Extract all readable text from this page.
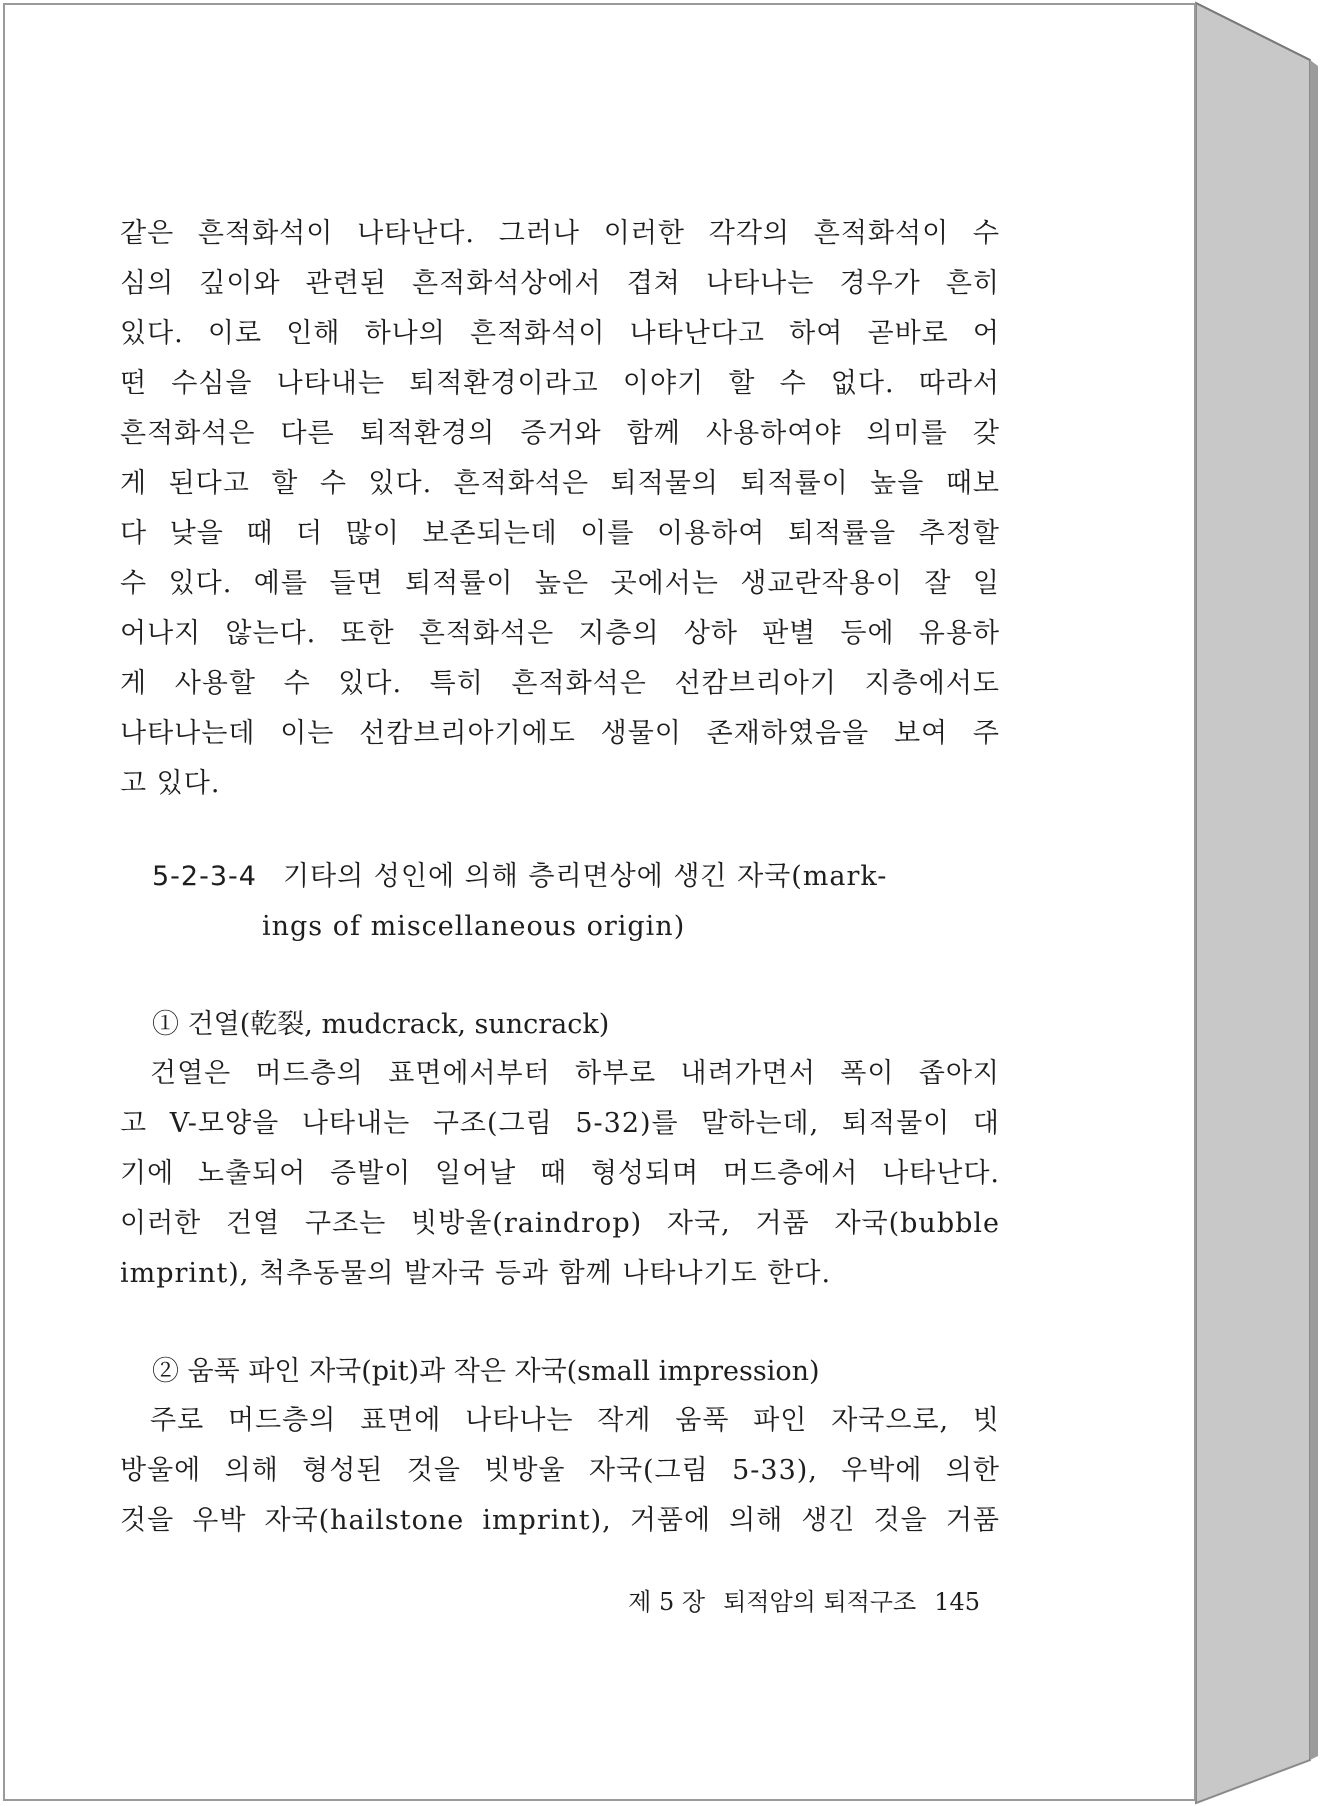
같은 흔적화석이 나타난다. 그러나 이러한 각각의 흔적화석이 수

심의 깊이와 관련된 흔적화석상에서 겹쳐 나타나는 경우가 흔히

있다. 이로 인해 하나의 흔적화석이 나타난다고 하여 곧바로 어

떤 수심을 나타내는 퇴적환경이라고 이야기 할 수 없다. 따라서

흔적화석은 다른 퇴적환경의 증거와 함께 사용하여야 의미를 갖

게 된다고 할 수 있다. 흔적화석은 퇴적물의 퇴적률이 높을 때보

다 낮을 때 더 많이 보존되는데 이를 이용하여 퇴적률을 추정할

수 있다. 예를 들면 퇴적률이 높은 곳에서는 생교란작용이 잘 일

어나지 않는다. 또한 흔적화석은 지층의 상하 판별 등에 유용하

게 사용할 수 있다. 특히 흔적화석은 선캄브리아기 지층에서도

나타나는데 이는 선캄브리아기에도 생물이 존재하였음을 보여 주

고 있다.

5-2-3-4 기타의 성인에 의해 층리면상에 생긴 자국(mark-
ings of miscellaneous origin)
① 건열(乾裂, mudcrack, suncrack)

건열은 머드층의 표면에서부터 하부로 내려가면서 폭이 좁아지

고 V-모양을 나타내는 구조(그림 5-32)를 말하는데, 퇴적물이 대

기에 노출되어 증발이 일어날 때 형성되며 머드층에서 나타난다.

이러한 건열 구조는 빗방울(raindrop) 자국, 거품 자국(bubble

imprint), 척추동물의 발자국 등과 함께 나타나기도 한다.

② 움푹 파인 자국(pit)과 작은 자국(small impression)

주로 머드층의 표면에 나타나는 작게 움푹 파인 자국으로, 빗

방울에 의해 형성된 것을 빗방울 자국(그림 5-33), 우박에 의한

것을 우박 자국(hailstone imprint), 거품에 의해 생긴 것을 거품

제 5 장 퇴적암의 퇴적구조 145
